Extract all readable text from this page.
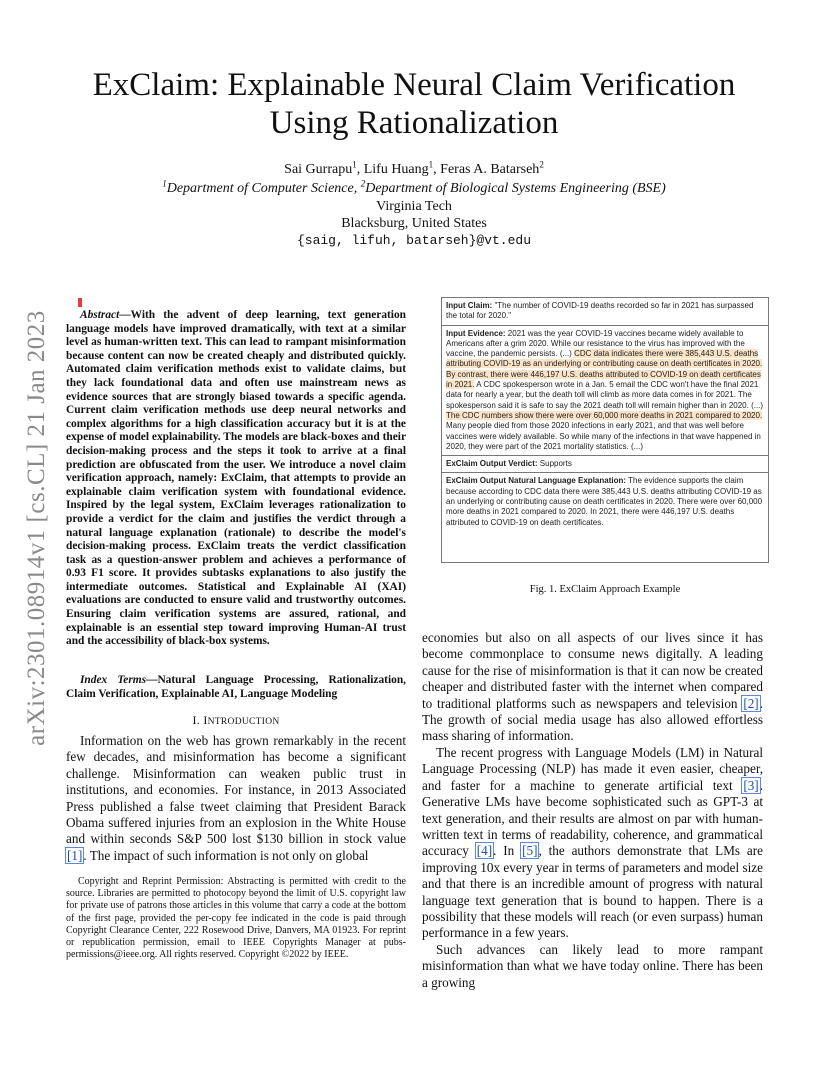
arXiv:2301.08914v1 [cs.CL] 21 Jan 2023
ExClaim: Explainable Neural Claim Verification
Using Rationalization
Sai Gurrapu$^1$, Lifu Huang$^1$, Feras A. Batarseh$^2$
$^1$Department of Computer Science, $^2$Department of Biological Systems Engineering (BSE)
Virginia Tech
Blacksburg, United States
{saig, lifuh, batarseh}@vt.edu

Abstract—With the advent of deep learning, text generation language models have improved dramatically, with text at a similar level as human-written text. This can lead to rampant misinformation because content can now be created cheaply and distributed quickly. Automated claim verification methods exist to validate claims, but they lack foundational data and often use mainstream news as evidence sources that are strongly biased towards a specific agenda. Current claim verification methods use deep neural networks and complex algorithms for a high classification accuracy but it is at the expense of model explainability. The models are black-boxes and their decision-making process and the steps it took to arrive at a final prediction are obfuscated from the user. We introduce a novel claim verification approach, namely: ExClaim, that attempts to provide an explainable claim verification system with foundational evidence. Inspired by the legal system, ExClaim leverages rationalization to provide a verdict for the claim and justifies the verdict through a natural language explanation (rationale) to describe the model's decision-making process. ExClaim treats the verdict classification task as a question-answer problem and achieves a performance of 0.93 F1 score. It provides subtasks explanations to also justify the intermediate outcomes. Statistical and Explainable AI (XAI) evaluations are conducted to ensure valid and trustworthy outcomes. Ensuring claim verification systems are assured, rational, and explainable is an essential step toward improving Human-AI trust and the accessibility of black-box systems.

Index Terms—Natural Language Processing, Rationalization, Claim Verification, Explainable AI, Language Modeling

I. INTRODUCTION

Information on the web has grown remarkably in the recent few decades, and misinformation has become a significant challenge. Misinformation can weaken public trust in institutions, and economies. For instance, in 2013 Associated Press published a false tweet claiming that President Barack Obama suffered injuries from an explosion in the White House and within seconds S&P 500 lost $130 billion in stock value [1]. The impact of such information is not only on global

Copyright and Reprint Permission: Abstracting is permitted with credit to the source. Libraries are permitted to photocopy beyond the limit of U.S. copyright law for private use of patrons those articles in this volume that carry a code at the bottom of the first page, provided the per-copy fee indicated in the code is paid through Copyright Clearance Center, 222 Rosewood Drive, Danvers, MA 01923. For reprint or republication permission, email to IEEE Copyrights Manager at pubs- permissions@ieee.org. All rights reserved. Copyright ©2022 by IEEE.

Input Claim: "The number of COVID-19 deaths recorded so far in 2021 has surpassed the total for 2020."
Input Evidence: 2021 was the year COVID-19 vaccines became widely available to Americans after a grim 2020. While our resistance to the virus has improved with the vaccine, the pandemic persists. (...) CDC data indicates there were 385,443 U.S. deaths attributing COVID-19 as an underlying or contributing cause on death certificates in 2020. By contrast, there were 446,197 U.S. deaths attributed to COVID-19 on death certificates in 2021. A CDC spokesperson wrote in a Jan. 5 email the CDC won't have the final 2021 data for nearly a year, but the death toll will climb as more data comes in for 2021. The spokesperson said it is safe to say the 2021 death toll will remain higher than in 2020. (...) The CDC numbers show there were over 60,000 more deaths in 2021 compared to 2020. Many people died from those 2020 infections in early 2021, and that was well before vaccines were widely available. So while many of the infections in that wave happened in 2020, they were part of the 2021 mortality statistics. (...)
ExClaim Output Verdict: Supports
ExClaim Output Natural Language Explanation: The evidence supports the claim because according to CDC data there were 385,443 U.S. deaths attributing COVID-19 as an underlying or contributing cause on death certificates in 2020. There were over 60,000 more deaths in 2021 compared to 2020. In 2021, there were 446,197 U.S. deaths attributed to COVID-19 on death certificates.
Fig. 1. ExClaim Approach Example

economies but also on all aspects of our lives since it has become commonplace to consume news digitally. A leading cause for the rise of misinformation is that it can now be created cheaper and distributed faster with the internet when compared to traditional platforms such as newspapers and television [2]. The growth of social media usage has also allowed effortless mass sharing of information.

The recent progress with Language Models (LM) in Natural Language Processing (NLP) has made it even easier, cheaper, and faster for a machine to generate artificial text [3]. Generative LMs have become sophisticated such as GPT-3 at text generation, and their results are almost on par with human-written text in terms of readability, coherence, and grammatical accuracy [4]. In [5], the authors demonstrate that LMs are improving 10x every year in terms of parameters and model size and that there is an incredible amount of progress with natural language text generation that is bound to happen. There is a possibility that these models will reach (or even surpass) human performance in a few years.

Such advances can likely lead to more rampant misinformation than what we have today online. There has been a growing
